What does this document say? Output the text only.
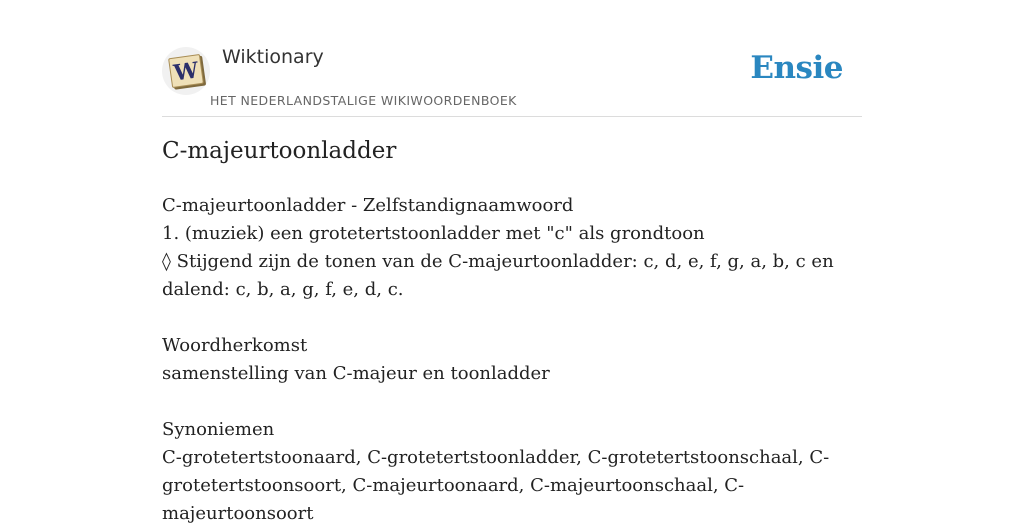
W
Wiktionary
HET NEDERLANDSTALIGE WIKIWOORDENBOEK
Ensie
C-majeurtoonladder

C-majeurtoonladder - Zelfstandignaamwoord

1. (muziek) een grotetertstoonladder met "c" als grondtoon

◊ Stijgend zijn de tonen van de C-majeurtoonladder: c, d, e, f, g, a, b, c en dalend: c, b, a, g, f, e, d, c.

Woordherkomst

samenstelling van C-majeur en toonladder

Synoniemen

C-grotetertstoonaard, C-grotetertstoonladder, C-grotetertstoonschaal, C-grotetertstoonsoort, C-majeurtoonaard, C-majeurtoonschaal, C-majeurtoonsoort
